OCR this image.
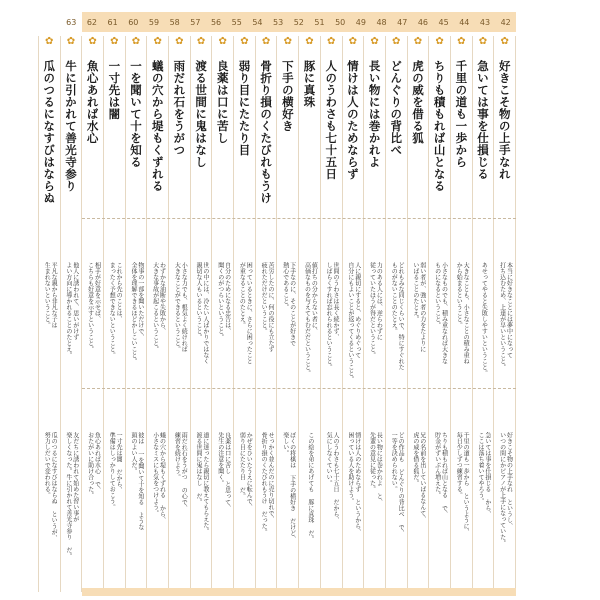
42
43
44
45
46
47
48
49
50
51
52
53
54
55
56
57
58
59
60
61
62
63
✿
好きこそ物の上手なれ
本当に好きなことには夢中になって
打ち込むため、上達が早いということ。
好きこそ物の上手なれ というし、
いつの間にかピアノが上手になっていた。
✿
急いては事を仕損じる
あせってやると失敗しやすいということ。
急いては事を仕損じる から、
ここは落ち着いてやろう。
✿
千里の道も一歩から
大きなことも、小さなことの積み重ね
から始まるということ。
千里の道も一歩から というように、
毎日少しずつ練習する。
✿
ちりも積もれば山となる
小さなものでも、積み重なれば大きな
ものになるということ。
ちりも積もれば山となる で、
貯金がずいぶん増えた。
✿
虎の威を借る狐
弱い者が、強い者の力をたよりに
いばることのたとえ。
兄の名前を出していばるなんて、
虎の威を借る狐だ。
✿
どんぐりの背比べ
どれもみな同じくらいで、特にすぐれた
ものがないことのたとえ。
どの作品も どんぐりの背比べ で、
一等を決められない。
✿
長い物には巻かれよ
力のある人には、逆らわずに
従っていたほうが得だということ。
長い物には巻かれよ と、
先輩の意見に従った。
✿
情けは人のためならず
人に親切にすると、めぐりめぐって
自分にもよいことが返ってくるということ。
情けは人のためならず というから、
困っている人を助けよう。
✿
人のうわさも七十五日
世間のうわさは長く続かず、
しばらくすれば忘れられるということ。
人のうわさも七十五日 だから、
気にしなくていい。
✿
豚に真珠
値打ちの分からない者に、
高価なものを与えてもむだだということ。
この絵を弟にあげても 豚に真珠 だ。
✿
下手の横好き
下手なのに、そのことが好きで
熱心であること。
ぼくの将棋は 下手の横好き だけど、
楽しい。
✿
骨折り損のくたびれもうけ
苦労したのに、何の役にも立たず
疲れただけだということ。
せっかく並んだのに売り切れで、
骨折り損のくたびれもうけ だった。
✿
弱り目にたたり目
困っているときに、さらに困ったこと
が重なることのたとえ。
かぜをひいたうえに転んで、
弱り目にたたり目 だ。
✿
良薬は口に苦し
自分のためになる忠告は、
聞くのがつらいということ。
良薬は口に苦し と思って、
先生の注意を聞く。
✿
渡る世間に鬼はなし
世の中には、冷たい人ばかりではなく
親切な人もいるということ。
道に迷ったら親切に教えてもらえた。
渡る世間に鬼はなし だ。
✿
雨だれ石をうがつ
小さな力でも、根気よく続ければ
大きなことができるということ。
雨だれ石をうがつ の心で、
練習を続けよう。
✿
蟻の穴から堤もくずれる
わずかな油断や失敗から、
大きな事故が起こるということ。
蟻の穴から堤もくずれる から、
小さなミスにも気をつけよう。
✿
一を聞いて十を知る
物事の一部を聞いただけで、
全体を理解できるほどかしこいこと。
彼は 一を聞いて十を知る ような
頭のよい人だ。
✿
一寸先は闇
これから先のことは、
まったく予想できないということ。
一寸先は闇 だから、
準備はしっかりしておこう。
✿
魚心あれば水心
相手が好意を示せば、
こちらも好意を示すということ。
魚心あれば水心 で、
おたがいに助け合った。
✿
牛に引かれて善光寺参り
他人に誘われて、思いがけず
よい方向に導かれることのたとえ。
友だちに誘われて始めた習い事が
楽しくなった。牛に引かれて善光寺参り だ。
✿
瓜のつるになすびはならぬ
平凡な親から非凡な子は
生まれないということ。
瓜のつるになすびはならぬ というが、
努力しだいで変われる。
